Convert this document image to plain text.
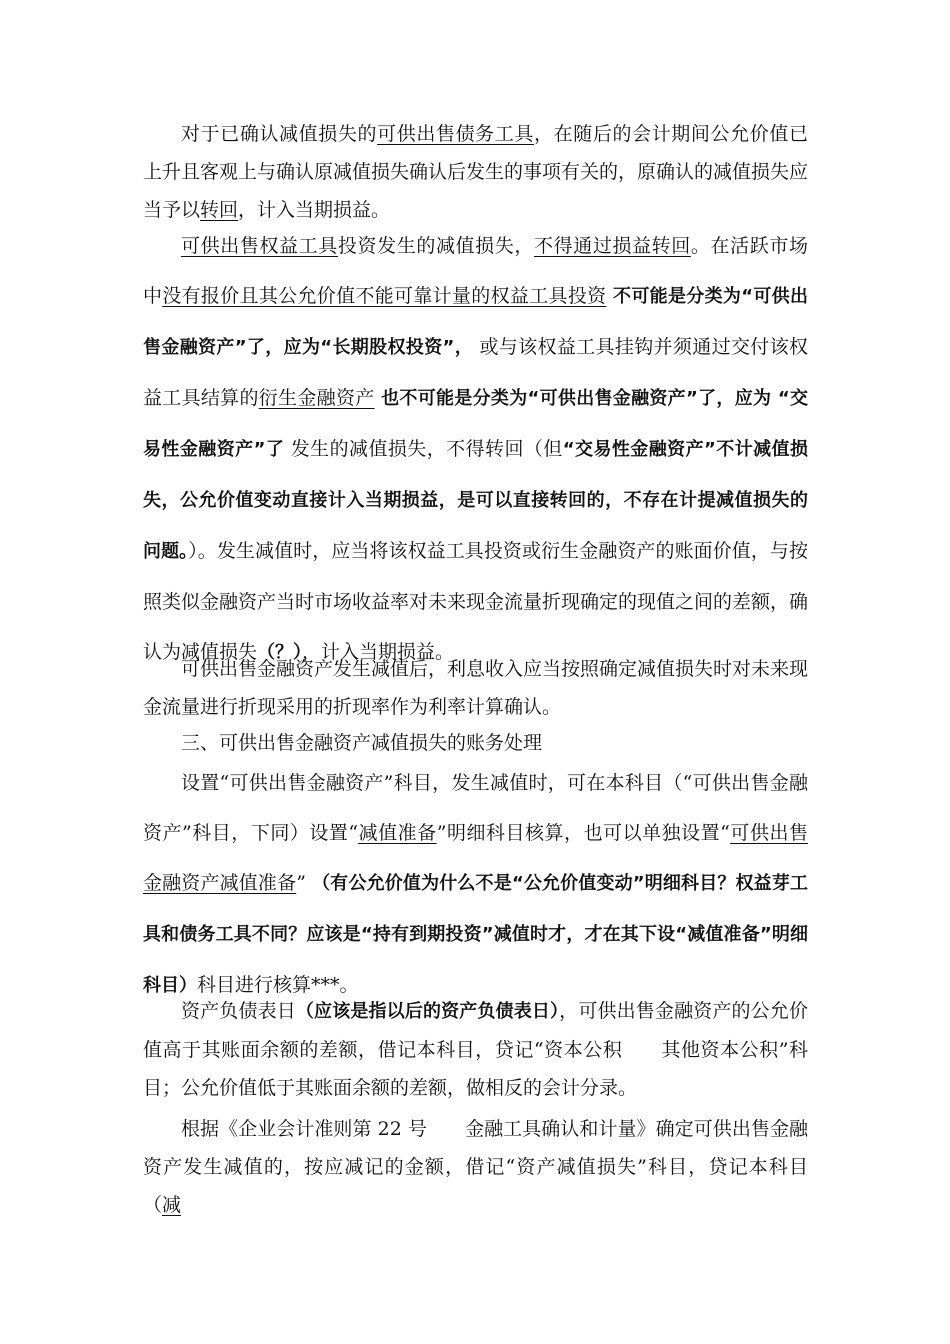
对于已确认减值损失的可供出售债务工具，在随后的会计期间公允价值已上升且客观上与确认原减值损失确认后发生的事项有关的，原确认的减值损失应当予以转回，计入当期损益。

可供出售权益工具投资发生的减值损失，不得通过损益转回。在活跃市场中没有报价且其公允价值不能可靠计量的权益工具投资 不可能是分类为“可供出售金融资产”了，应为“长期股权投资”， 或与该权益工具挂钩并须通过交付该权益工具结算的衍生金融资产 也不可能是分类为“可供出售金融资产”了，应为 “交易性金融资产”了 发生的减值损失，不得转回（但“交易性金融资产”不计减值损失，公允价值变动直接计入当期损益，是可以直接转回的，不存在计提减值损失的问题。）。发生减值时，应当将该权益工具投资或衍生金融资产的账面价值，与按照类似金融资产当时市场收益率对未来现金流量折现确定的现值之间的差额，确认为减值损失（？），计入当期损益。

可供出售金融资产发生减值后，利息收入应当按照确定减值损失时对未来现金流量进行折现采用的折现率作为利率计算确认。

三、可供出售金融资产减值损失的账务处理

设置“可供出售金融资产”科目，发生减值时，可在本科目（“可供出售金融资产”科目，下同）设置“减值准备”明细科目核算，也可以单独设置“可供出售金融资产减值准备” （有公允价值为什么不是“公允价值变动”明细科目？权益芽工具和债务工具不同？应该是“持有到期投资”减值时才，才在其下设“减值准备”明细科目）科目进行核算***。

资产负债表日（应该是指以后的资产负债表日），可供出售金融资产的公允价值高于其账面余额的差额，借记本科目，贷记“资本公积　　其他资本公积”科目；公允价值低于其账面余额的差额，做相反的会计分录。

根据《企业会计准则第 22 号　　金融工具确认和计量》确定可供出售金融资产发生减值的，按应减记的金额，借记“资产减值损失”科目，贷记本科目（减
